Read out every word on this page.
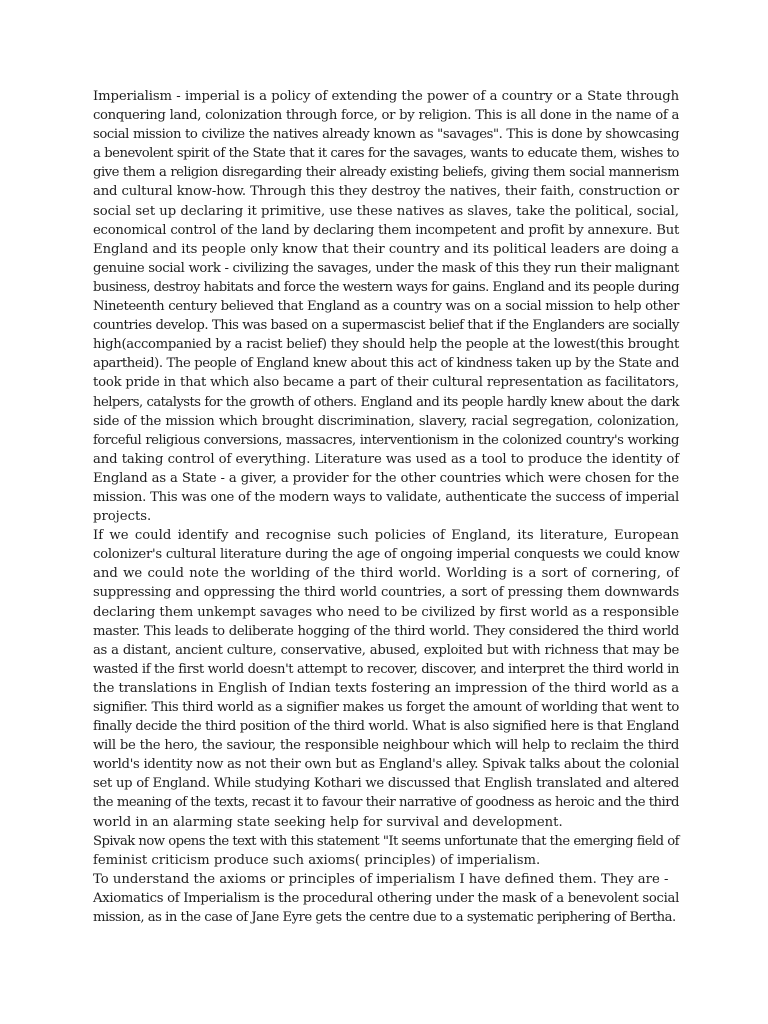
Imperialism - imperial is a policy of extending the power of a country or a State through
conquering land, colonization through force, or by religion. This is all done in the name of a
social mission to civilize the natives already known as "savages". This is done by showcasing
a benevolent spirit of the State that it cares for the savages, wants to educate them, wishes to
give them a religion disregarding their already existing beliefs, giving them social mannerism
and cultural know-how. Through this they destroy the natives, their faith, construction or
social set up declaring it primitive, use these natives as slaves, take the political, social,
economical control of the land by declaring them incompetent and profit by annexure. But
England and its people only know that their country and its political leaders are doing a
genuine social work - civilizing the savages, under the mask of this they run their malignant
business, destroy habitats and force the western ways for gains. England and its people during
Nineteenth century believed that England as a country was on a social mission to help other
countries develop. This was based on a supermascist belief that if the Englanders are socially
high(accompanied by a racist belief) they should help the people at the lowest(this brought
apartheid). The people of England knew about this act of kindness taken up by the State and
took pride in that which also became a part of their cultural representation as facilitators,
helpers, catalysts for the growth of others. England and its people hardly knew about the dark
side of the mission which brought discrimination, slavery, racial segregation, colonization,
forceful religious conversions, massacres, interventionism in the colonized country's working
and taking control of everything. Literature was used as a tool to produce the identity of
England as a State - a giver, a provider for the other countries which were chosen for the
mission. This was one of the modern ways to validate, authenticate the success of imperial
projects.
If we could identify and recognise such policies of England, its literature, European
colonizer's cultural literature during the age of ongoing imperial conquests we could know
and we could note the worlding of the third world. Worlding is a sort of cornering, of
suppressing and oppressing the third world countries, a sort of pressing them downwards
declaring them unkempt savages who need to be civilized by first world as a responsible
master. This leads to deliberate hogging of the third world. They considered the third world
as a distant, ancient culture, conservative, abused, exploited but with richness that may be
wasted if the first world doesn't attempt to recover, discover, and interpret the third world in
the translations in English of Indian texts fostering an impression of the third world as a
signifier. This third world as a signifier makes us forget the amount of worlding that went to
finally decide the third position of the third world. What is also signified here is that England
will be the hero, the saviour, the responsible neighbour which will help to reclaim the third
world's identity now as not their own but as England's alley. Spivak talks about the colonial
set up of England. While studying Kothari we discussed that English translated and altered
the meaning of the texts, recast it to favour their narrative of goodness as heroic and the third
world in an alarming state seeking help for survival and development.
Spivak now opens the text with this statement "It seems unfortunate that the emerging field of
feminist criticism produce such axioms( principles) of imperialism.
To understand the axioms or principles of imperialism I have defined them. They are -
Axiomatics of Imperialism is the procedural othering under the mask of a benevolent social
mission, as in the case of Jane Eyre gets the centre due to a systematic periphering of Bertha.
